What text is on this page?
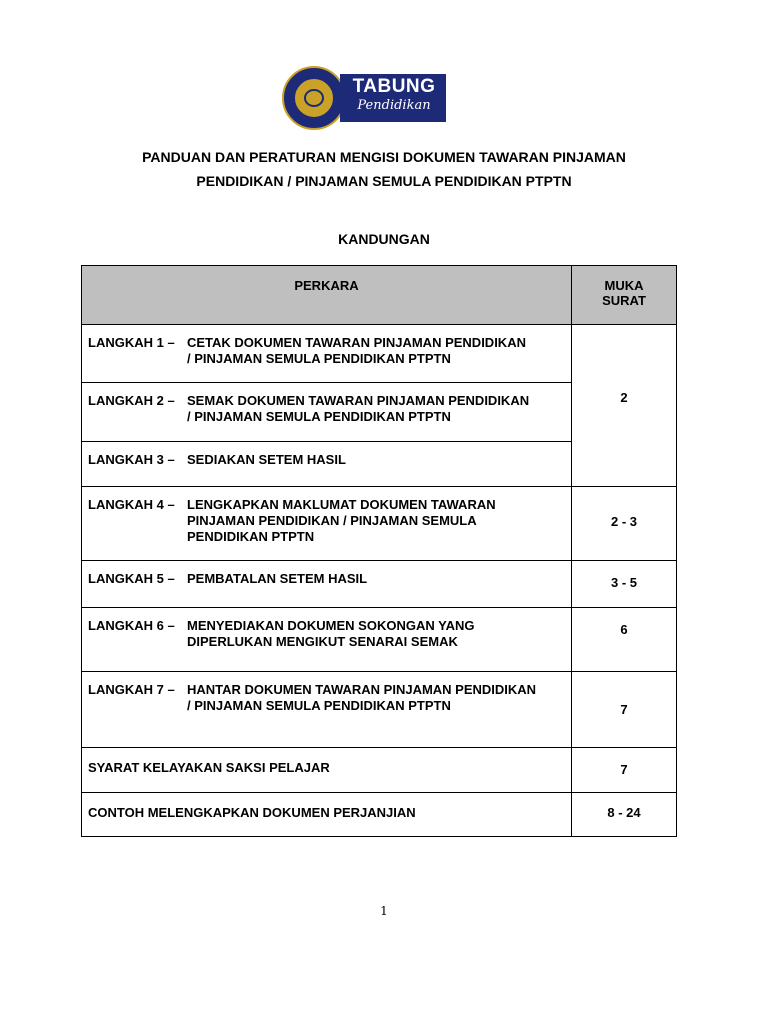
TABUNG
Pendidikan
PANDUAN DAN PERATURAN MENGISI DOKUMEN TAWARAN PINJAMAN
PENDIDIKAN / PINJAMAN SEMULA PENDIDIKAN PTPTN
KANDUNGAN
PERKARA	MUKA
SURAT

LANGKAH 1 – CETAK DOKUMEN TAWARAN PINJAMAN PENDIDIKAN
/ PINJAMAN SEMULA PENDIDIKAN PTPTN	2

LANGKAH 2 – SEMAK DOKUMEN TAWARAN PINJAMAN PENDIDIKAN
/ PINJAMAN SEMULA PENDIDIKAN PTPTN	

LANGKAH 3 – SEDIAKAN SETEM HASIL	

LANGKAH 4 – LENGKAPKAN MAKLUMAT DOKUMEN TAWARAN
PINJAMAN PENDIDIKAN / PINJAMAN SEMULA
PENDIDIKAN PTPTN	2 - 3

LANGKAH 5 – PEMBATALAN SETEM HASIL	3 - 5

LANGKAH 6 – MENYEDIAKAN DOKUMEN SOKONGAN YANG
DIPERLUKAN MENGIKUT SENARAI SEMAK	6

LANGKAH 7 – HANTAR DOKUMEN TAWARAN PINJAMAN PENDIDIKAN
/ PINJAMAN SEMULA PENDIDIKAN PTPTN	7

SYARAT KELAYAKAN SAKSI PELAJAR	7

CONTOH MELENGKAPKAN DOKUMEN PERJANJIAN	8 - 24
1
